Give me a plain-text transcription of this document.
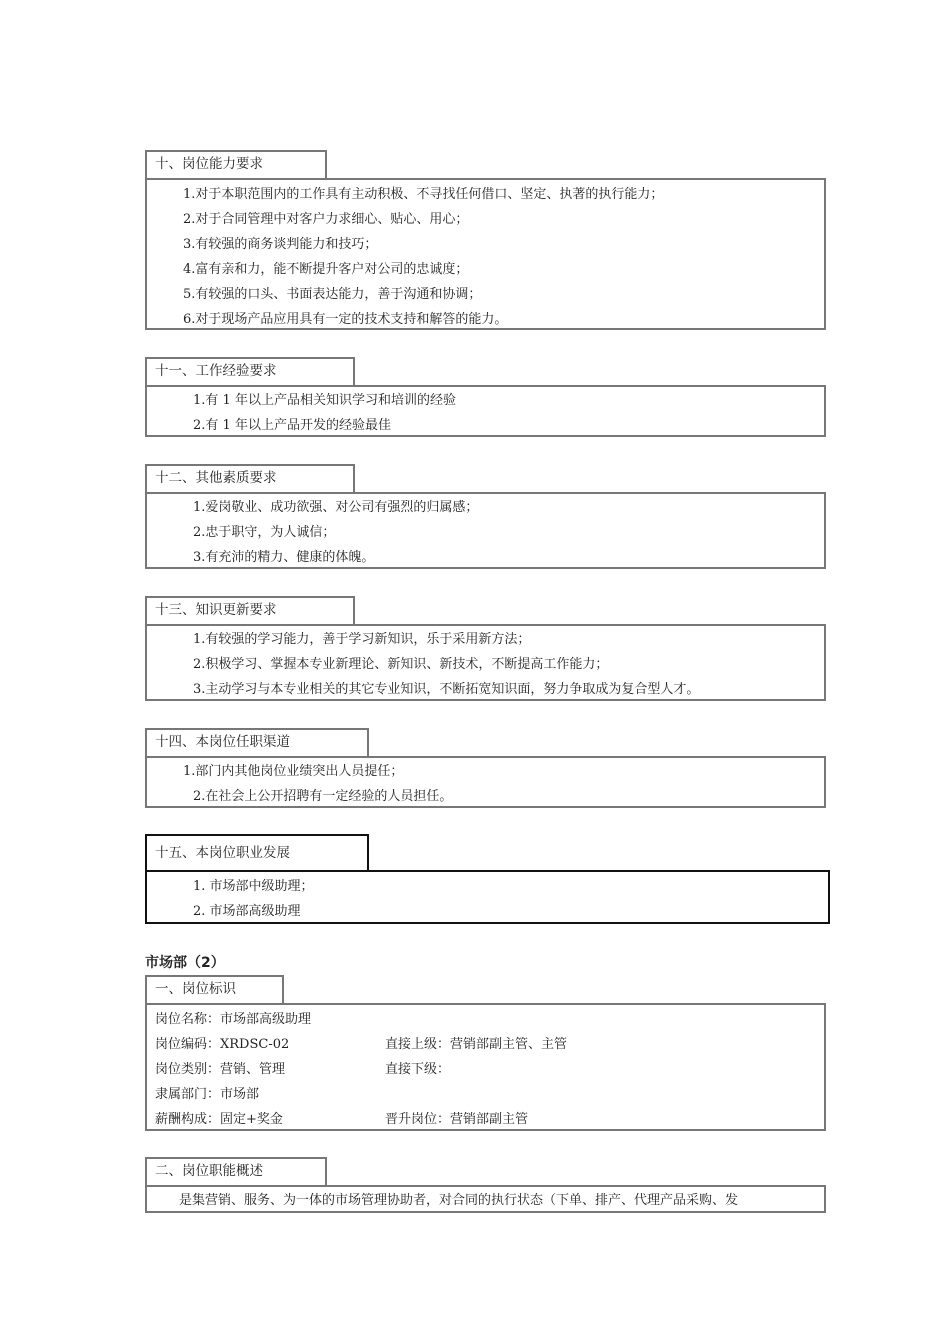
十、岗位能力要求
1.对于本职范围内的工作具有主动积极、不寻找任何借口、坚定、执著的执行能力；
2.对于合同管理中对客户力求细心、贴心、用心；
3.有较强的商务谈判能力和技巧；
4.富有亲和力，能不断提升客户对公司的忠诚度；
5.有较强的口头、书面表达能力，善于沟通和协调；
6.对于现场产品应用具有一定的技术支持和解答的能力。
十一、工作经验要求
1.有 1 年以上产品相关知识学习和培训的经验
2.有 1 年以上产品开发的经验最佳
十二、其他素质要求
1.爱岗敬业、成功欲强、对公司有强烈的归属感；
2.忠于职守，为人诚信；
3.有充沛的精力、健康的体魄。
十三、知识更新要求
1.有较强的学习能力，善于学习新知识，乐于采用新方法；
2.积极学习、掌握本专业新理论、新知识、新技术，不断提高工作能力；
3.主动学习与本专业相关的其它专业知识，不断拓宽知识面，努力争取成为复合型人才。
十四、本岗位任职渠道
1.部门内其他岗位业绩突出人员提任；
2.在社会上公开招聘有一定经验的人员担任。
十五、本岗位职业发展
1. 市场部中级助理；
2. 市场部高级助理
市场部（2）
一、岗位标识
岗位名称：市场部高级助理
岗位编码：XRDSC-02	直接上级：营销部副主管、主管
岗位类别：营销、管理	直接下级：
隶属部门：市场部
薪酬构成：固定+奖金	晋升岗位：营销部副主管
二、岗位职能概述
是集营销、服务、为一体的市场管理协助者，对合同的执行状态（下单、排产、代理产品采购、发
